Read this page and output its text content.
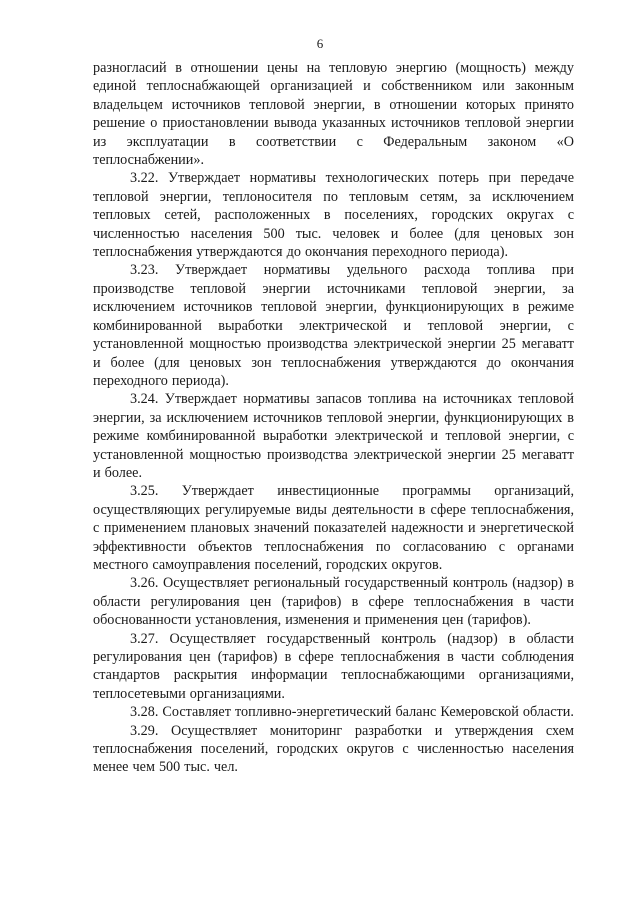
6

разногласий в отношении цены на тепловую энергию (мощность) между единой теплоснабжающей организацией и собственником или законным владельцем источников тепловой энергии, в отношении которых принято решение о приостановлении вывода указанных источников тепловой энергии из эксплуатации в соответствии с Федеральным законом «О теплоснабжении».

3.22. Утверждает нормативы технологических потерь при передаче тепловой энергии, теплоносителя по тепловым сетям, за исключением тепловых сетей, расположенных в поселениях, городских округах с численностью населения 500 тыс. человек и более (для ценовых зон теплоснабжения утверждаются до окончания переходного периода).

3.23. Утверждает нормативы удельного расхода топлива при производстве тепловой энергии источниками тепловой энергии, за исключением источников тепловой энергии, функционирующих в режиме комбинированной выработки электрической и тепловой энергии, с установленной мощностью производства электрической энергии 25 мегаватт и более (для ценовых зон теплоснабжения утверждаются до окончания переходного периода).

3.24. Утверждает нормативы запасов топлива на источниках тепловой энергии, за исключением источников тепловой энергии, функционирующих в режиме комбинированной выработки электрической и тепловой энергии, с установленной мощностью производства электрической энергии 25 мегаватт и более.

3.25. Утверждает инвестиционные программы организаций, осуществляющих регулируемые виды деятельности в сфере теплоснабжения, с применением плановых значений показателей надежности и энергетической эффективности объектов теплоснабжения по согласованию с органами местного самоуправления поселений, городских округов.

3.26. Осуществляет региональный государственный контроль (надзор) в области регулирования цен (тарифов) в сфере теплоснабжения в части обоснованности установления, изменения и применения цен (тарифов).

3.27. Осуществляет государственный контроль (надзор) в области регулирования цен (тарифов) в сфере теплоснабжения в части соблюдения стандартов раскрытия информации теплоснабжающими организациями, теплосетевыми организациями.

3.28. Составляет топливно-энергетический баланс Кемеровской области.

3.29. Осуществляет мониторинг разработки и утверждения схем теплоснабжения поселений, городских округов с численностью населения менее чем 500 тыс. чел.
